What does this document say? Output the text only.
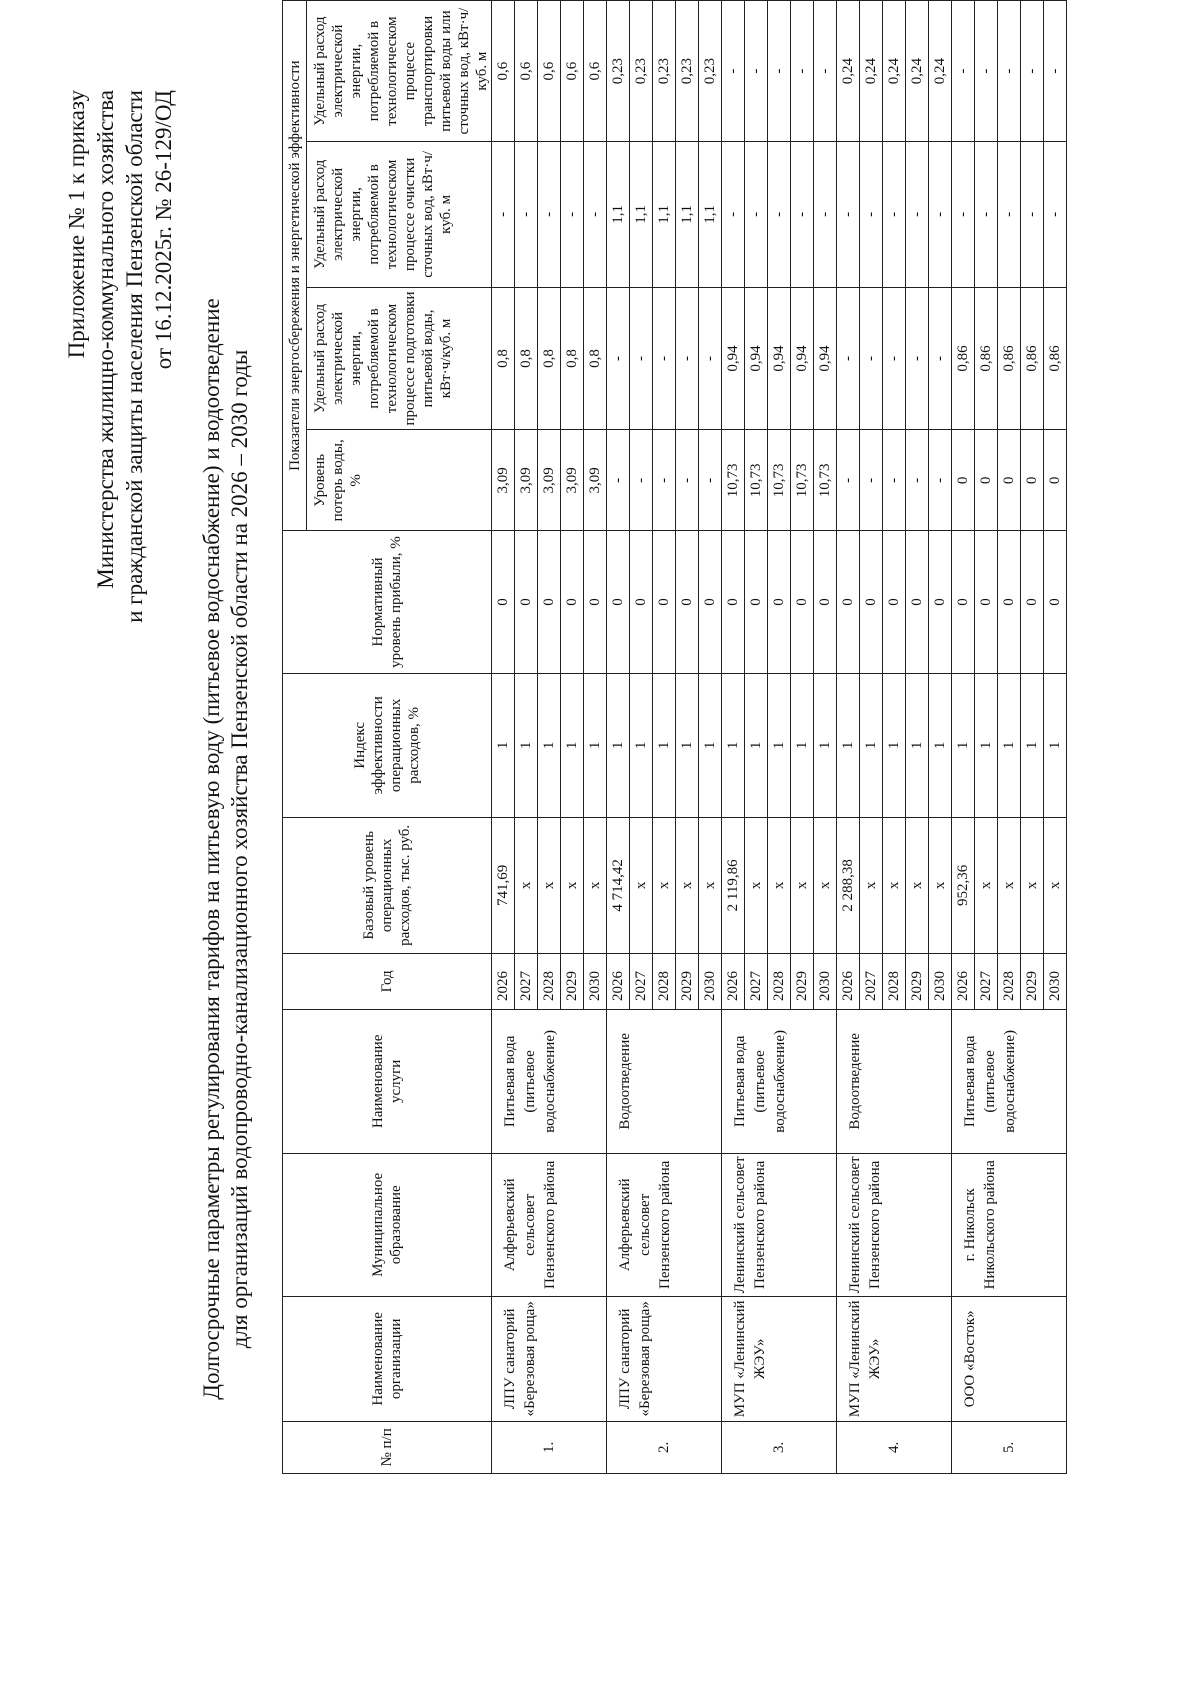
Приложение № 1 к приказу Министерства жилищно-коммунального хозяйства и гражданской защиты населения Пензенской области от 16.12.2025г. № 26-129/ОД
Долгосрочные параметры регулирования тарифов на питьевую воду (питьевое водоснабжение) и водоотведение для организаций водопроводно-канализационного хозяйства Пензенской области на 2026 – 2030 годы
№ п/п	Наименование организации	Муниципальное образование	Наименование услуги	Год	Базовый уровень операционных расходов, тыс. руб.	Индекс эффективности операционных расходов, %	Нормативный уровень прибыли, %	Показатели энергосбережения и энергетической эффективности			
								Уровень потерь воды, %	Удельный расход электрической энергии, потребляемой в технологическом процессе подготовки питьевой воды, кВт·ч/куб. м	Удельный расход электрической энергии, потребляемой в технологическом процессе очистки сточных вод, кВт·ч/куб. м	Удельный расход электрической энергии, потребляемой в технологическом процессе транспортировки питьевой воды или сточных вод, кВт·ч/куб. м
1.	ЛПУ санаторий «Березовая роща»	Алферьевский сельсовет Пензенского района	Питьевая вода (питьевое водоснабжение)	2026	741,69	1	0	3,09	0,8	-	0,6
				2027	х	1	0	3,09	0,8	-	0,6
				2028	х	1	0	3,09	0,8	-	0,6
				2029	х	1	0	3,09	0,8	-	0,6
				2030	х	1	0	3,09	0,8	-	0,6
2.	ЛПУ санаторий «Березовая роща»	Алферьевский сельсовет Пензенского района	Водоотведение	2026	4 714,42	1	0	-	-	1,1	0,23
				2027	х	1	0	-	-	1,1	0,23
				2028	х	1	0	-	-	1,1	0,23
				2029	х	1	0	-	-	1,1	0,23
				2030	х	1	0	-	-	1,1	0,23
3.	МУП «Ленинский ЖЭУ»	Ленинский сельсовет Пензенского района	Питьевая вода (питьевое водоснабжение)	2026	2 119,86	1	0	10,73	0,94	-	-
				2027	х	1	0	10,73	0,94	-	-
				2028	х	1	0	10,73	0,94	-	-
				2029	х	1	0	10,73	0,94	-	-
				2030	х	1	0	10,73	0,94	-	-
4.	МУП «Ленинский ЖЭУ»	Ленинский сельсовет Пензенского района	Водоотведение	2026	2 288,38	1	0	-	-	-	0,24
				2027	х	1	0	-	-	-	0,24
				2028	х	1	0	-	-	-	0,24
				2029	х	1	0	-	-	-	0,24
				2030	х	1	0	-	-	-	0,24
5.	ООО «Восток»	г. Никольск Никольского района	Питьевая вода (питьевое водоснабжение)	2026	952,36	1	0	0	0,86	-	-
				2027	х	1	0	0	0,86	-	-
				2028	х	1	0	0	0,86	-	-
				2029	х	1	0	0	0,86	-	-
				2030	х	1	0	0	0,86	-	-
